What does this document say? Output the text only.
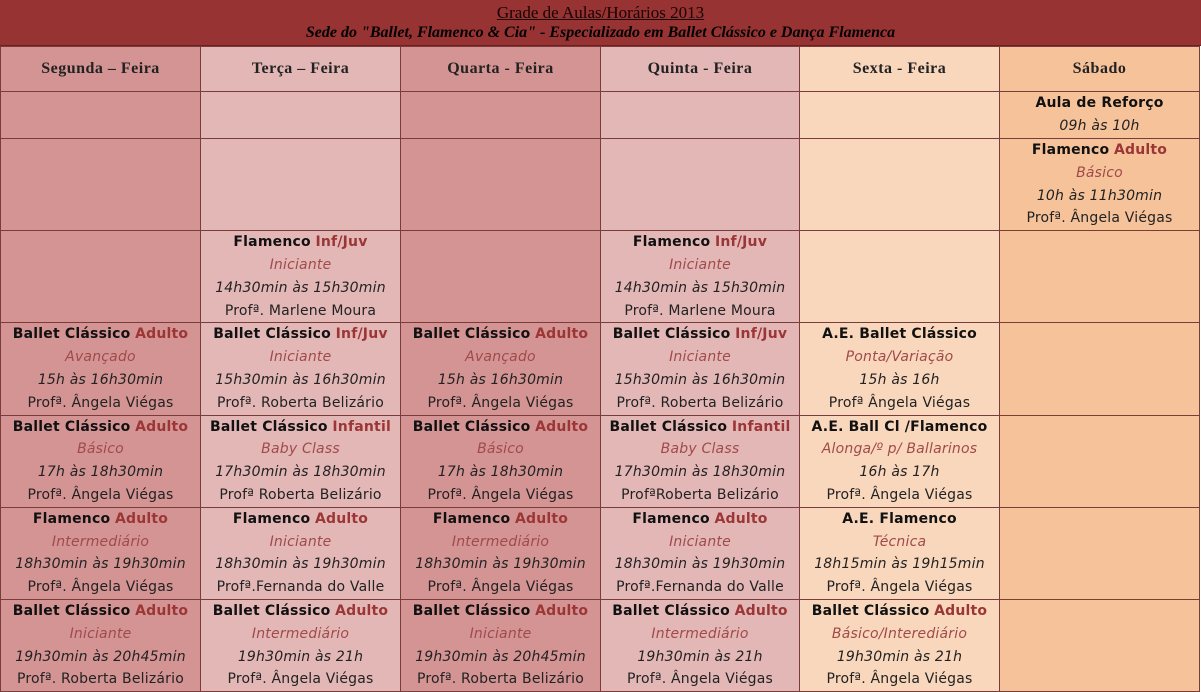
Grade de Aulas/Horários 2013
Sede do "Ballet, Flamenco & Cia" - Especializado em Ballet Clássico e Dança Flamenca
Segunda – Feira	Terça – Feira	Quarta - Feira	Quinta - Feira	Sexta - Feira	Sábado

					Aula de Reforço
09h às 10h

					Flamenco Adulto
Básico
10h às 11h30min
Profª. Ângela Viégas

	Flamenco Inf/Juv
Iniciante
14h30min às 15h30min
Profª. Marlene Moura		Flamenco Inf/Juv
Iniciante
14h30min às 15h30min
Profª. Marlene Moura		

Ballet Clássico Adulto
Avançado
15h às 16h30min
Profª. Ângela Viégas	Ballet Clássico Inf/Juv
Iniciante
15h30min às 16h30min
Profª. Roberta Belizário	Ballet Clássico Adulto
Avançado
15h às 16h30min
Profª. Ângela Viégas	Ballet Clássico Inf/Juv
Iniciante
15h30min às 16h30min
Profª. Roberta Belizário	A.E. Ballet Clássico
Ponta/Variação
15h às 16h
Profª Ângela Viégas	

Ballet Clássico Adulto
Básico
17h às 18h30min
Profª. Ângela Viégas	Ballet Clássico Infantil
Baby Class
17h30min às 18h30min
Profª Roberta Belizário	Ballet Clássico Adulto
Básico
17h às 18h30min
Profª. Ângela Viégas	Ballet Clássico Infantil
Baby Class
17h30min às 18h30min
ProfªRoberta Belizário	A.E. Ball Cl /Flamenco
Alonga/º p/ Ballarinos
16h às 17h
Profª. Ângela Viégas	

Flamenco Adulto
Intermediário
18h30min às 19h30min
Profª. Ângela Viégas	Flamenco Adulto
Iniciante
18h30min às 19h30min
Profª.Fernanda do Valle	Flamenco Adulto
Intermediário
18h30min às 19h30min
Profª. Ângela Viégas	Flamenco Adulto
Iniciante
18h30min às 19h30min
Profª.Fernanda do Valle	A.E. Flamenco
Técnica
18h15min às 19h15min
Profª. Ângela Viégas	

Ballet Clássico Adulto
Iniciante
19h30min às 20h45min
Profª. Roberta Belizário	Ballet Clássico Adulto
Intermediário
19h30min às 21h
Profª. Ângela Viégas	Ballet Clássico Adulto
Iniciante
19h30min às 20h45min
Profª. Roberta Belizário	Ballet Clássico Adulto
Intermediário
19h30min às 21h
Profª. Ângela Viégas	Ballet Clássico Adulto
Básico/Interediário
19h30min às 21h
Profª. Ângela Viégas	
